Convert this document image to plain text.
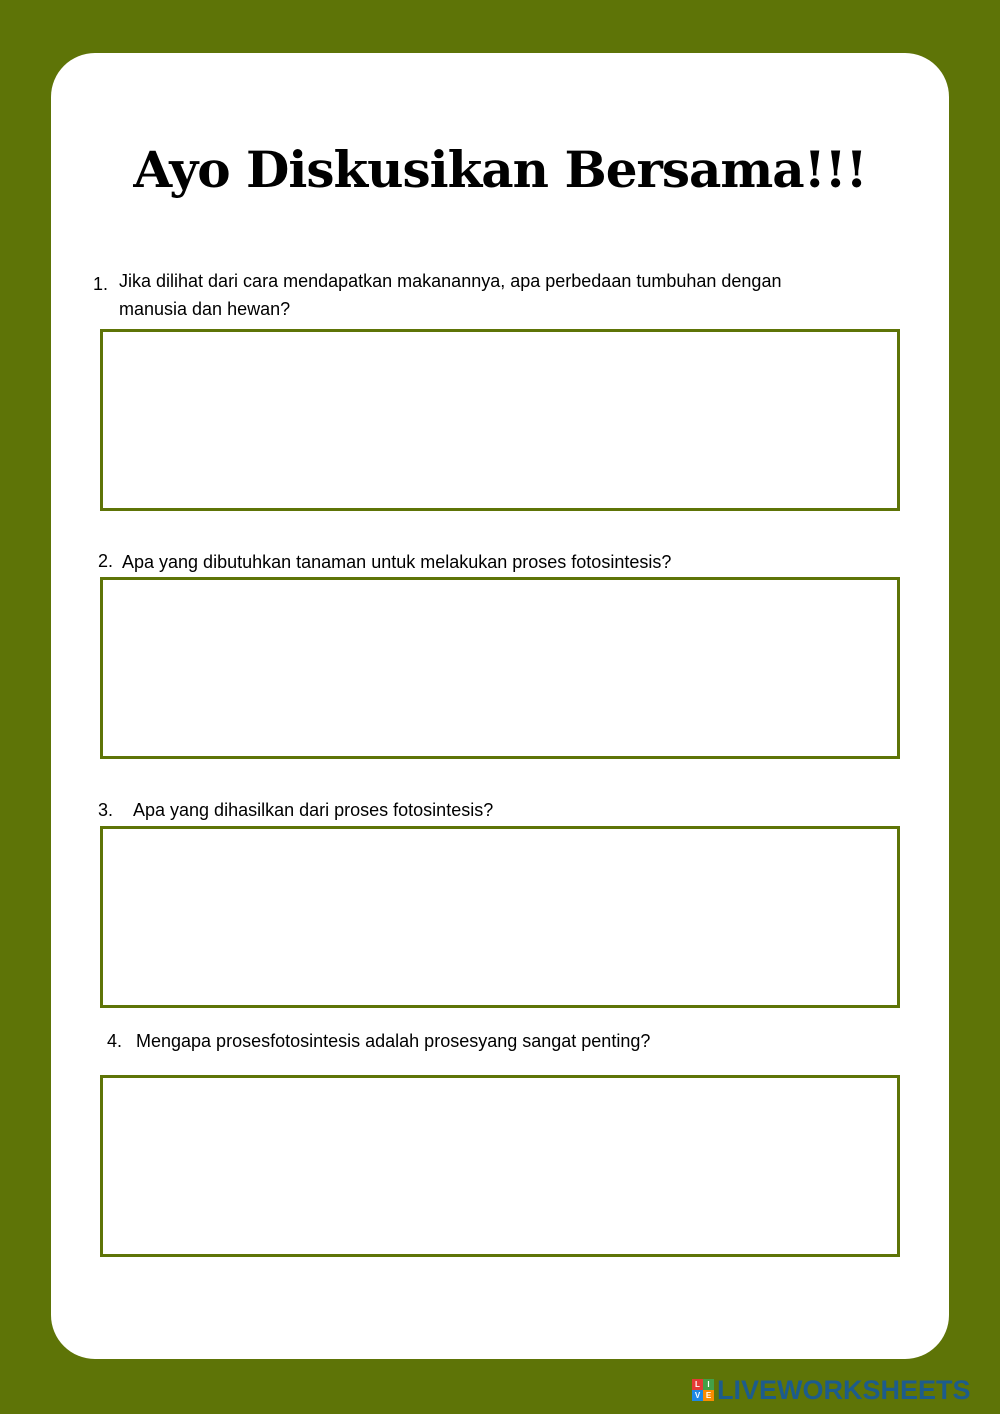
Ayo Diskusikan Bersama!!!
1. Jika dilihat dari cara mendapatkan makanannya, apa perbedaan tumbuhan dengan
manusia dan hewan?
2. Apa yang dibutuhkan tanaman untuk melakukan proses fotosintesis?
3. Apa yang dihasilkan dari proses fotosintesis?
4. Mengapa prosesfotosintesis adalah prosesyang sangat penting?
L I
V E LIVEWORKSHEETS
